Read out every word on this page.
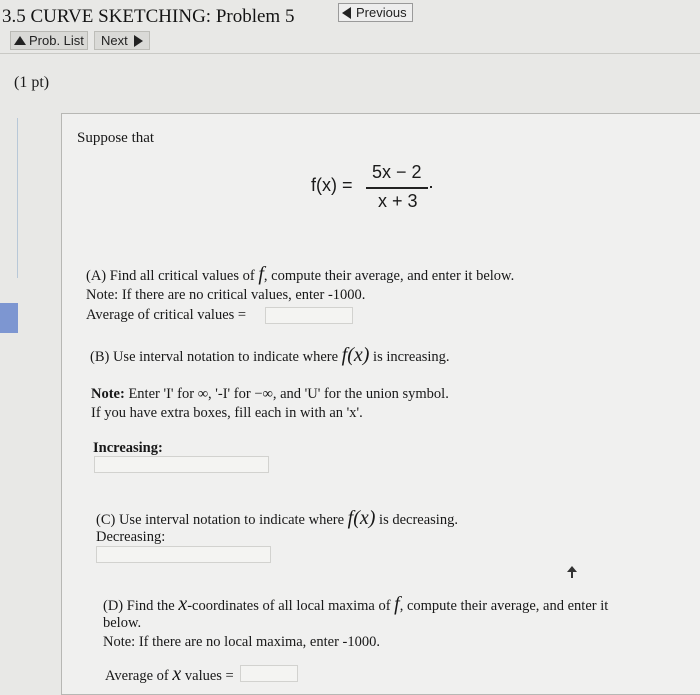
3.5 CURVE SKETCHING: Problem 5	Previous
Prob. List Next
(1 pt)
Suppose that
f(x) =
5x − 2
x + 3
(A) Find all critical values of f, compute their average, and enter it below.
Note: If there are no critical values, enter -1000.
Average of critical values =
(B) Use interval notation to indicate where f(x) is increasing.
Note: Enter 'I' for ∞, '-I' for −∞, and 'U' for the union symbol.
If you have extra boxes, fill each in with an 'x'.
Increasing:
(C) Use interval notation to indicate where f(x) is decreasing.
Decreasing:
(D) Find the x-coordinates of all local maxima of f, compute their average, and enter it
below.
Note: If there are no local maxima, enter -1000.
Average of x values =
